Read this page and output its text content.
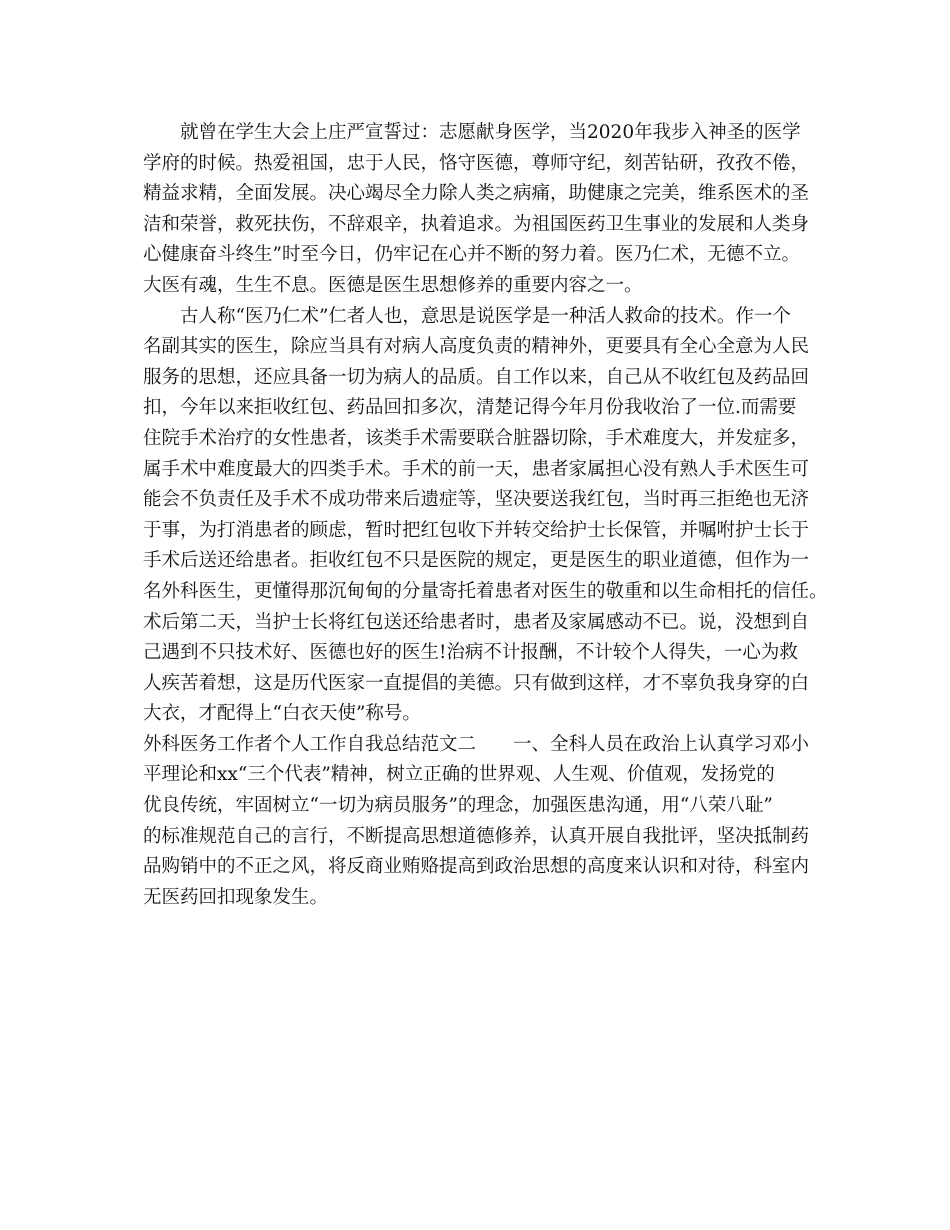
就曾在学生大会上庄严宣誓过：志愿献身医学，当2020年我步入神圣的医学
学府的时候。热爱祖国，忠于人民，恪守医德，尊师守纪，刻苦钻研，孜孜不倦，
精益求精，全面发展。决心竭尽全力除人类之病痛，助健康之完美，维系医术的圣
洁和荣誉，救死扶伤，不辞艰辛，执着追求。为祖国医药卫生事业的发展和人类身
心健康奋斗终生”时至今日，仍牢记在心并不断的努力着。医乃仁术，无德不立。
大医有魂，生生不息。医德是医生思想修养的重要内容之一。
古人称“医乃仁术”仁者人也，意思是说医学是一种活人救命的技术。作一个
名副其实的医生，除应当具有对病人高度负责的精神外，更要具有全心全意为人民
服务的思想，还应具备一切为病人的品质。自工作以来，自己从不收红包及药品回
扣，今年以来拒收红包、药品回扣多次，清楚记得今年月份我收治了一位.而需要
住院手术治疗的女性患者，该类手术需要联合脏器切除，手术难度大，并发症多，
属手术中难度最大的四类手术。手术的前一天，患者家属担心没有熟人手术医生可
能会不负责任及手术不成功带来后遗症等，坚决要送我红包，当时再三拒绝也无济
于事，为打消患者的顾虑，暂时把红包收下并转交给护士长保管，并嘱咐护士长于
手术后送还给患者。拒收红包不只是医院的规定，更是医生的职业道德，但作为一
名外科医生，更懂得那沉甸甸的分量寄托着患者对医生的敬重和以生命相托的信任。
术后第二天，当护士长将红包送还给患者时，患者及家属感动不已。说，没想到自
己遇到不只技术好、医德也好的医生!治病不计报酬，不计较个人得失，一心为救
人疾苦着想，这是历代医家一直提倡的美德。只有做到这样，才不辜负我身穿的白
大衣，才配得上“白衣天使”称号。
外科医务工作者个人工作自我总结范文二　　一、全科人员在政治上认真学习邓小
平理论和xx“三个代表”精神，树立正确的世界观、人生观、价值观，发扬党的
优良传统，牢固树立“一切为病员服务”的理念，加强医患沟通，用“八荣八耻”
的标准规范自己的言行，不断提高思想道德修养，认真开展自我批评，坚决抵制药
品购销中的不正之风，将反商业贿赂提高到政治思想的高度来认识和对待，科室内
无医药回扣现象发生。
